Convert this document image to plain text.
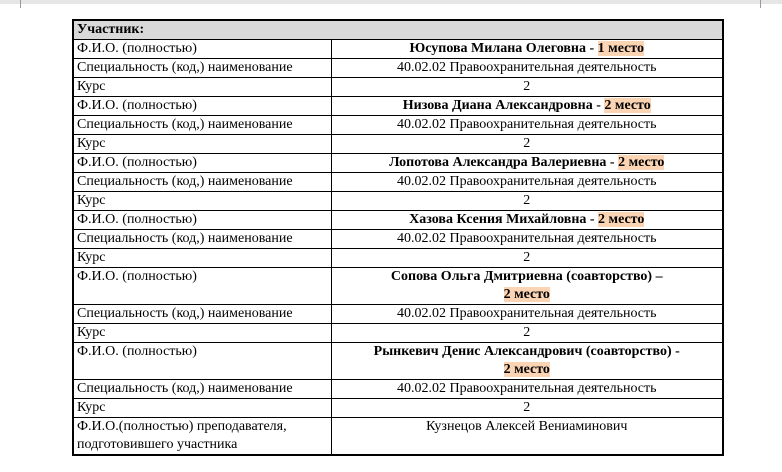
Участник:	
Ф.И.О. (полностью)	Юсупова Милана Олеговна - 1 место
Специальность (код,) наименование	40.02.02 Правоохранительная деятельность
Курс	2
Ф.И.О. (полностью)	Низова Диана Александровна - 2 место
Специальность (код,) наименование	40.02.02 Правоохранительная деятельность
Курс	2
Ф.И.О. (полностью)	Лопотова Александра Валериевна - 2 место
Специальность (код,) наименование	40.02.02 Правоохранительная деятельность
Курс	2
Ф.И.О. (полностью)	Хазова Ксения Михайловна - 2 место
Специальность (код,) наименование	40.02.02 Правоохранительная деятельность
Курс	2
Ф.И.О. (полностью)	Сопова Ольга Дмитриевна (соавторство) –
2 место
Специальность (код,) наименование	40.02.02 Правоохранительная деятельность
Курс	2
Ф.И.О. (полностью)	Рынкевич Денис Александрович (соавторство) -
2 место
Специальность (код,) наименование	40.02.02 Правоохранительная деятельность
Курс	2
Ф.И.О.(полностью) преподавателя, подготовившего участника	Кузнецов Алексей Вениаминович
